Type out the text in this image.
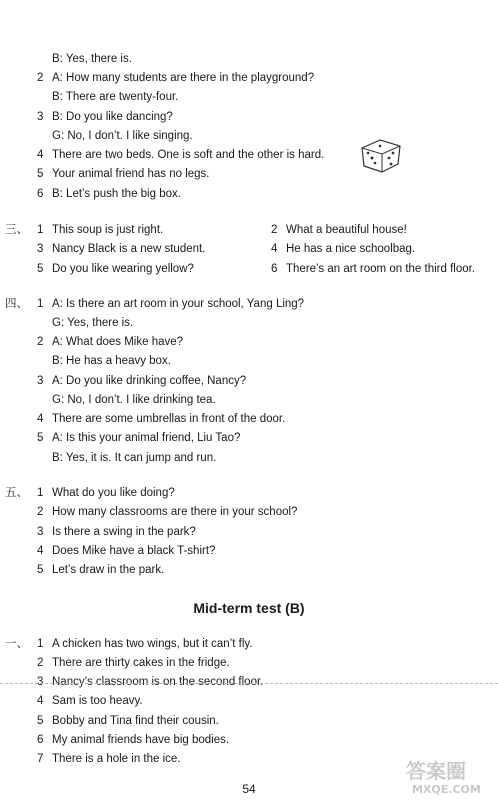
B: Yes, there is.
2 A: How many students are there in the playground?
B: There are twenty-four.
3 B: Do you like dancing?
G: No, I don’t. I like singing.
4 There are two beds. One is soft and the other is hard.
5 Your animal friend has no legs.
6 B: Let’s push the big box.
三、 1 This soup is just right.	2 What a beautiful house!
3 Nancy Black is a new student.	4 He has a nice schoolbag.
5 Do you like wearing yellow?	6 There’s an art room on the third floor.
四、 1 A: Is there an art room in your school, Yang Ling?
G: Yes, there is.
2 A: What does Mike have?
B: He has a heavy box.
3 A: Do you like drinking coffee, Nancy?
G: No, I don’t. I like drinking tea.
4 There are some umbrellas in front of the door.
5 A: Is this your animal friend, Liu Tao?
B: Yes, it is. It can jump and run.
五、 1 What do you like doing?
2 How many classrooms are there in your school?
3 Is there a swing in the park?
4 Does Mike have a black T-shirt?
5 Let’s draw in the park.
一、 1 A chicken has two wings, but it can’t fly.
2 There are thirty cakes in the fridge.
3 Nancy’s classroom is on the second floor.
4 Sam is too heavy.
5 Bobby and Tina find their cousin.
6 My animal friends have big bodies.
7 There is a hole in the ice.
Mid-term test (B)
54
答案圈
MXQE.COM
